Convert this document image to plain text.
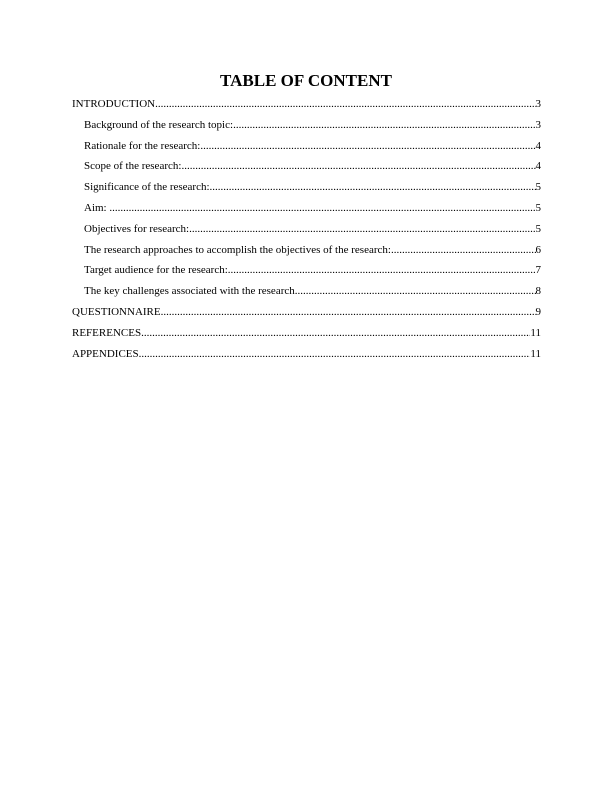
TABLE OF CONTENT
INTRODUCTION .....	3
Background of the research topic: .....	3
Rationale for the research: .....	4
Scope of the research: .....	4
Significance of the research: .....	5
Aim: .....	5
Objectives for research: .....	5
The research approaches to accomplish the objectives of the research: .....	6
Target audience for the research: .....	7
The key challenges associated with the research .....	8
QUESTIONNAIRE .....	9
REFERENCES .....	11
APPENDICES .....	11
